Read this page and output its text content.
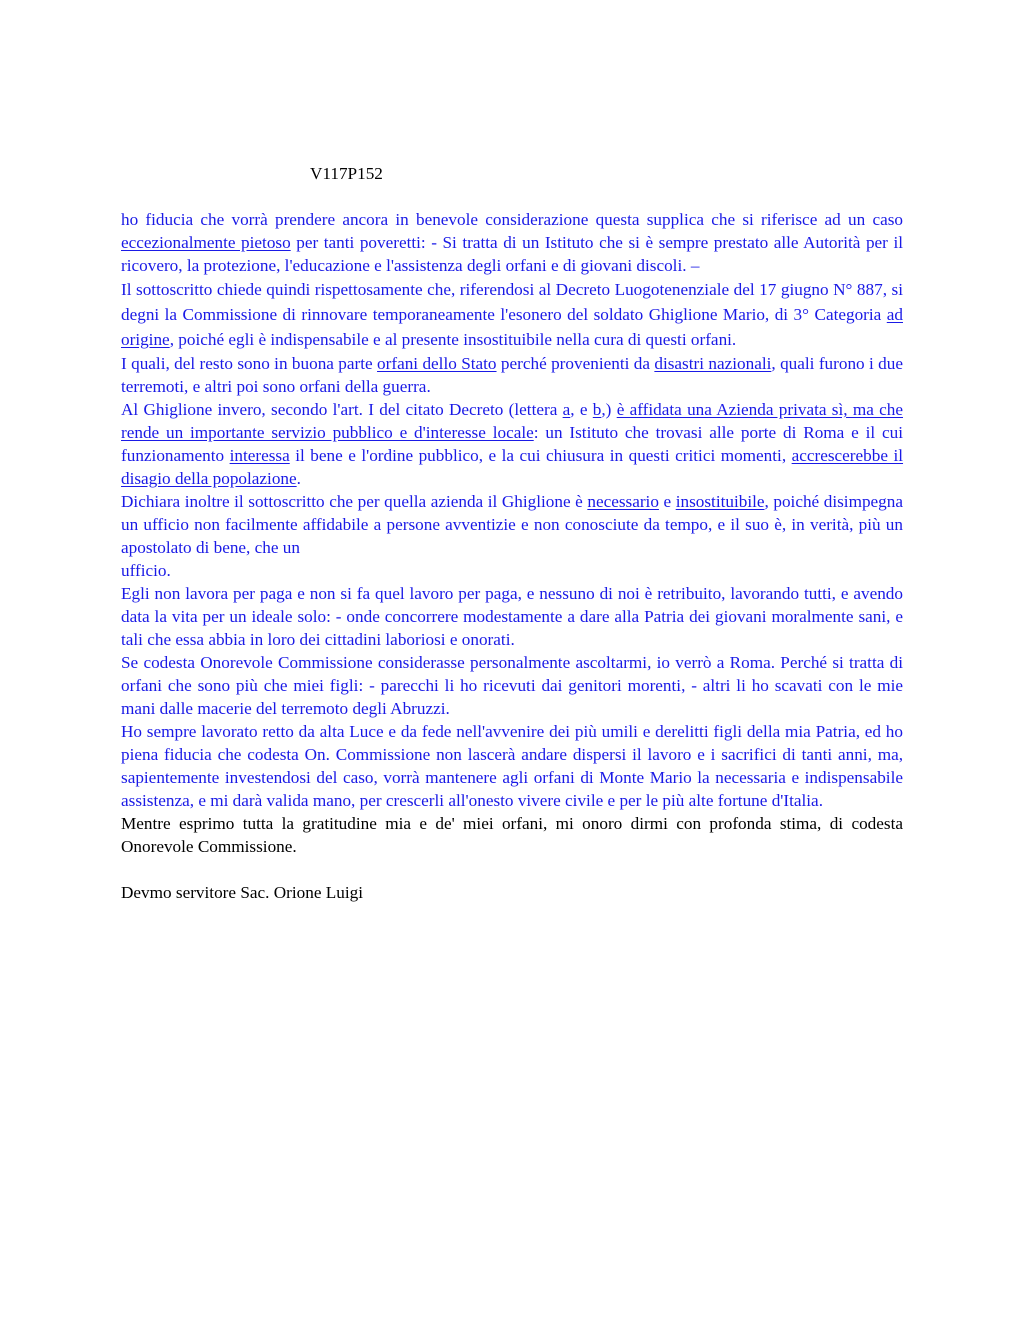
V117P152

ho fiducia che vorrà prendere ancora in benevole considerazione questa supplica che si riferisce ad un caso eccezionalmente pietoso per tanti poveretti: - Si tratta di un Istituto che si è sempre prestato alle Autorità per il ricovero, la protezione, l'educazione e l'assistenza degli orfani e di giovani discoli. –

Il sottoscritto chiede quindi rispettosamente che, riferendosi al Decreto Luogotenenziale del 17 giugno N° 887, si degni la Commissione di rinnovare temporaneamente l'esonero del soldato Ghiglione Mario, di 3° Categoria ad origine, poiché egli è indispensabile e al presente insostituibile nella cura di questi orfani.

I quali, del resto sono in buona parte orfani dello Stato perché provenienti da disastri nazionali, quali furono i due terremoti, e altri poi sono orfani della guerra.

Al Ghiglione invero, secondo l'art. I del citato Decreto (lettera a, e b,) è affidata una Azienda privata sì, ma che rende un importante servizio pubblico e d'interesse locale: un Istituto che trovasi alle porte di Roma e il cui funzionamento interessa il bene e l'ordine pubblico, e la cui chiusura in questi critici momenti, accrescerebbe il disagio della popolazione.

Dichiara inoltre il sottoscritto che per quella azienda il Ghiglione è necessario e insostituibile, poiché disimpegna un ufficio non facilmente affidabile a persone avventizie e non conosciute da tempo, e il suo è, in verità, più un apostolato di bene, che un
ufficio.

Egli non lavora per paga e non si fa quel lavoro per paga, e nessuno di noi è retribuito, lavorando tutti, e avendo data la vita per un ideale solo: - onde concorrere modestamente a dare alla Patria dei giovani moralmente sani, e tali che essa abbia in loro dei cittadini laboriosi e onorati.

Se codesta Onorevole Commissione considerasse personalmente ascoltarmi, io verrò a Roma. Perché si tratta di orfani che sono più che miei figli: - parecchi li ho ricevuti dai genitori morenti, - altri li ho scavati con le mie mani dalle macerie del terremoto degli Abruzzi.

Ho sempre lavorato retto da alta Luce e da fede nell'avvenire dei più umili e derelitti figli della mia Patria, ed ho piena fiducia che codesta On. Commissione non lascerà andare dispersi il lavoro e i sacrifici di tanti anni, ma, sapientemente investendosi del caso, vorrà mantenere agli orfani di Monte Mario la necessaria e indispensabile assistenza, e mi darà valida mano, per crescerli all'onesto vivere civile e per le più alte fortune d'Italia.

Mentre esprimo tutta la gratitudine mia e de' miei orfani, mi onoro dirmi con profonda stima, di codesta Onorevole Commissione.

Devmo servitore Sac. Orione Luigi
